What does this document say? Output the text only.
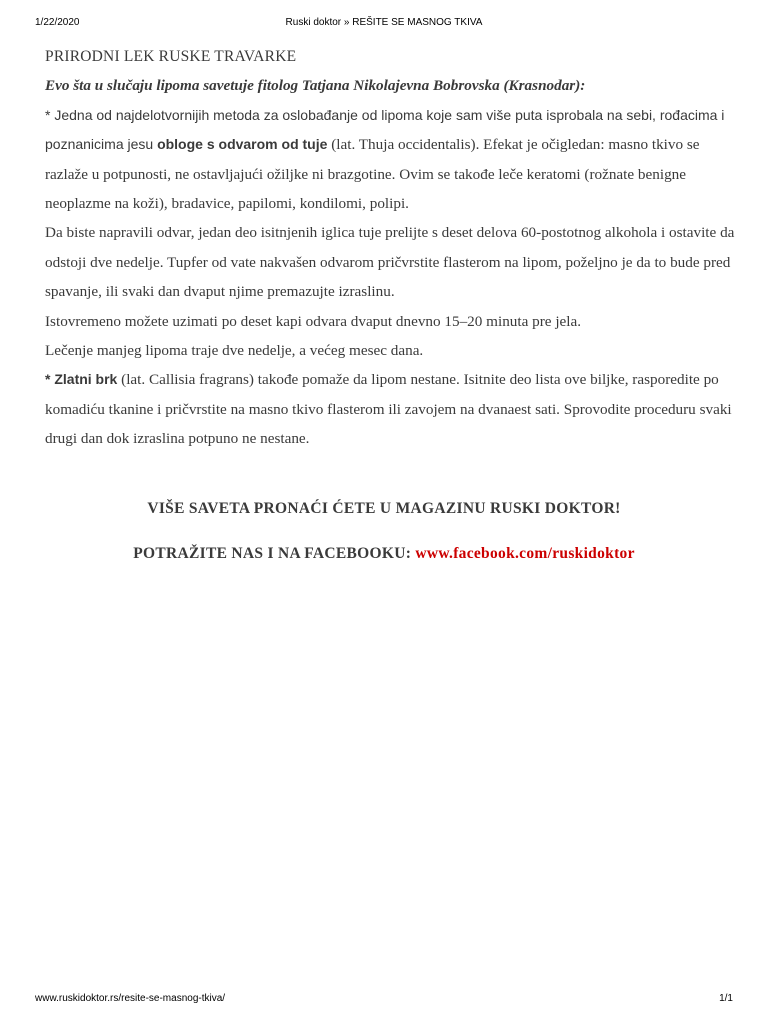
1/22/2020	Ruski doktor » REŠITE SE MASNOG TKIVA

PRIRODNI LEK RUSKE TRAVARKE

Evo šta u slučaju lipoma savetuje fitolog Tatjana Nikolajevna Bobrovska (Krasnodar):

* Jedna od najdelotvornijih metoda za oslobađanje od lipoma koje sam više puta isprobala na sebi, rođacima i poznanicima jesu obloge s odvarom od tuje (lat. Thuja occidentalis). Efekat je očigledan: masno tkivo se razlaže u potpunosti, ne ostavljajući ožiljke ni brazgotine. Ovim se takođe leče keratomi (rožnate benigne neoplazme na koži), bradavice, papilomi, kondilomi, polipi.

Da biste napravili odvar, jedan deo isitnjenih iglica tuje prelijte s deset delova 60-postotnog alkohola i ostavite da odstoji dve nedelje. Tupfer od vate nakvašen odvarom pričvrstite flasterom na lipom, poželjno je da to bude pred spavanje, ili svaki dan dvaput njime premazujte izraslinu.

Istovremeno možete uzimati po deset kapi odvara dvaput dnevno 15–20 minuta pre jela.

Lečenje manjeg lipoma traje dve nedelje, a većeg mesec dana.

* Zlatni brk (lat. Callisia fragrans) takođe pomaže da lipom nestane. Isitnite deo lista ove biljke, rasporedite po komadiću tkanine i pričvrstite na masno tkivo flasterom ili zavojem na dvanaest sati. Sprovodite proceduru svaki drugi dan dok izraslina potpuno ne nestane.

VIŠE SAVETA PRONAĆI ĆETE U MAGAZINU RUSKI DOKTOR!
POTRAŽITE NAS I NA FACEBOOKU: www.facebook.com/ruskidoktor
www.ruskidoktor.rs/resite-se-masnog-tkiva/	1/1
